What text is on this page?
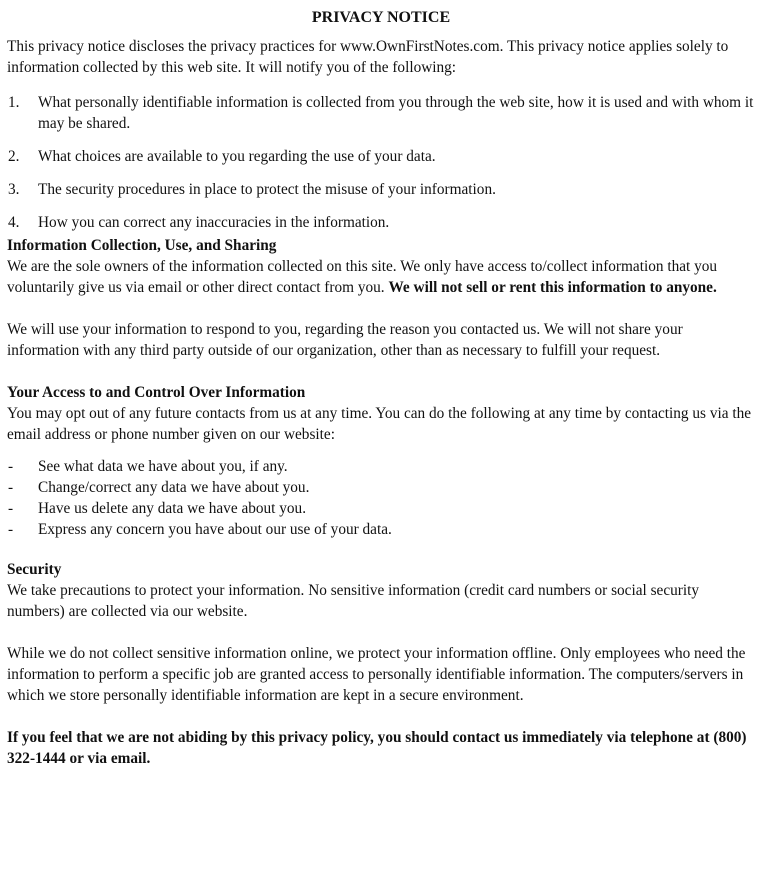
PRIVACY NOTICE

This privacy notice discloses the privacy practices for www.OwnFirstNotes.com. This privacy notice applies solely to information collected by this web site. It will notify you of the following:

1. What personally identifiable information is collected from you through the web site, how it is used and with whom it may be shared.
2. What choices are available to you regarding the use of your data.
3. The security procedures in place to protect the misuse of your information.
4. How you can correct any inaccuracies in the information.
Information Collection, Use, and Sharing

We are the sole owners of the information collected on this site. We only have access to/collect information that you voluntarily give us via email or other direct contact from you. We will not sell or rent this information to anyone.

We will use your information to respond to you, regarding the reason you contacted us. We will not share your information with any third party outside of our organization, other than as necessary to fulfill your request.

Your Access to and Control Over Information

You may opt out of any future contacts from us at any time. You can do the following at any time by contacting us via the email address or phone number given on our website:

- See what data we have about you, if any.
- Change/correct any data we have about you.
- Have us delete any data we have about you.
- Express any concern you have about our use of your data.
Security

We take precautions to protect your information. No sensitive information (credit card numbers or social security numbers) are collected via our website.

While we do not collect sensitive information online, we protect your information offline. Only employees who need the information to perform a specific job are granted access to personally identifiable information. The computers/servers in which we store personally identifiable information are kept in a secure environment.

If you feel that we are not abiding by this privacy policy, you should contact us immediately via telephone at (800) 322-1444 or via email.
